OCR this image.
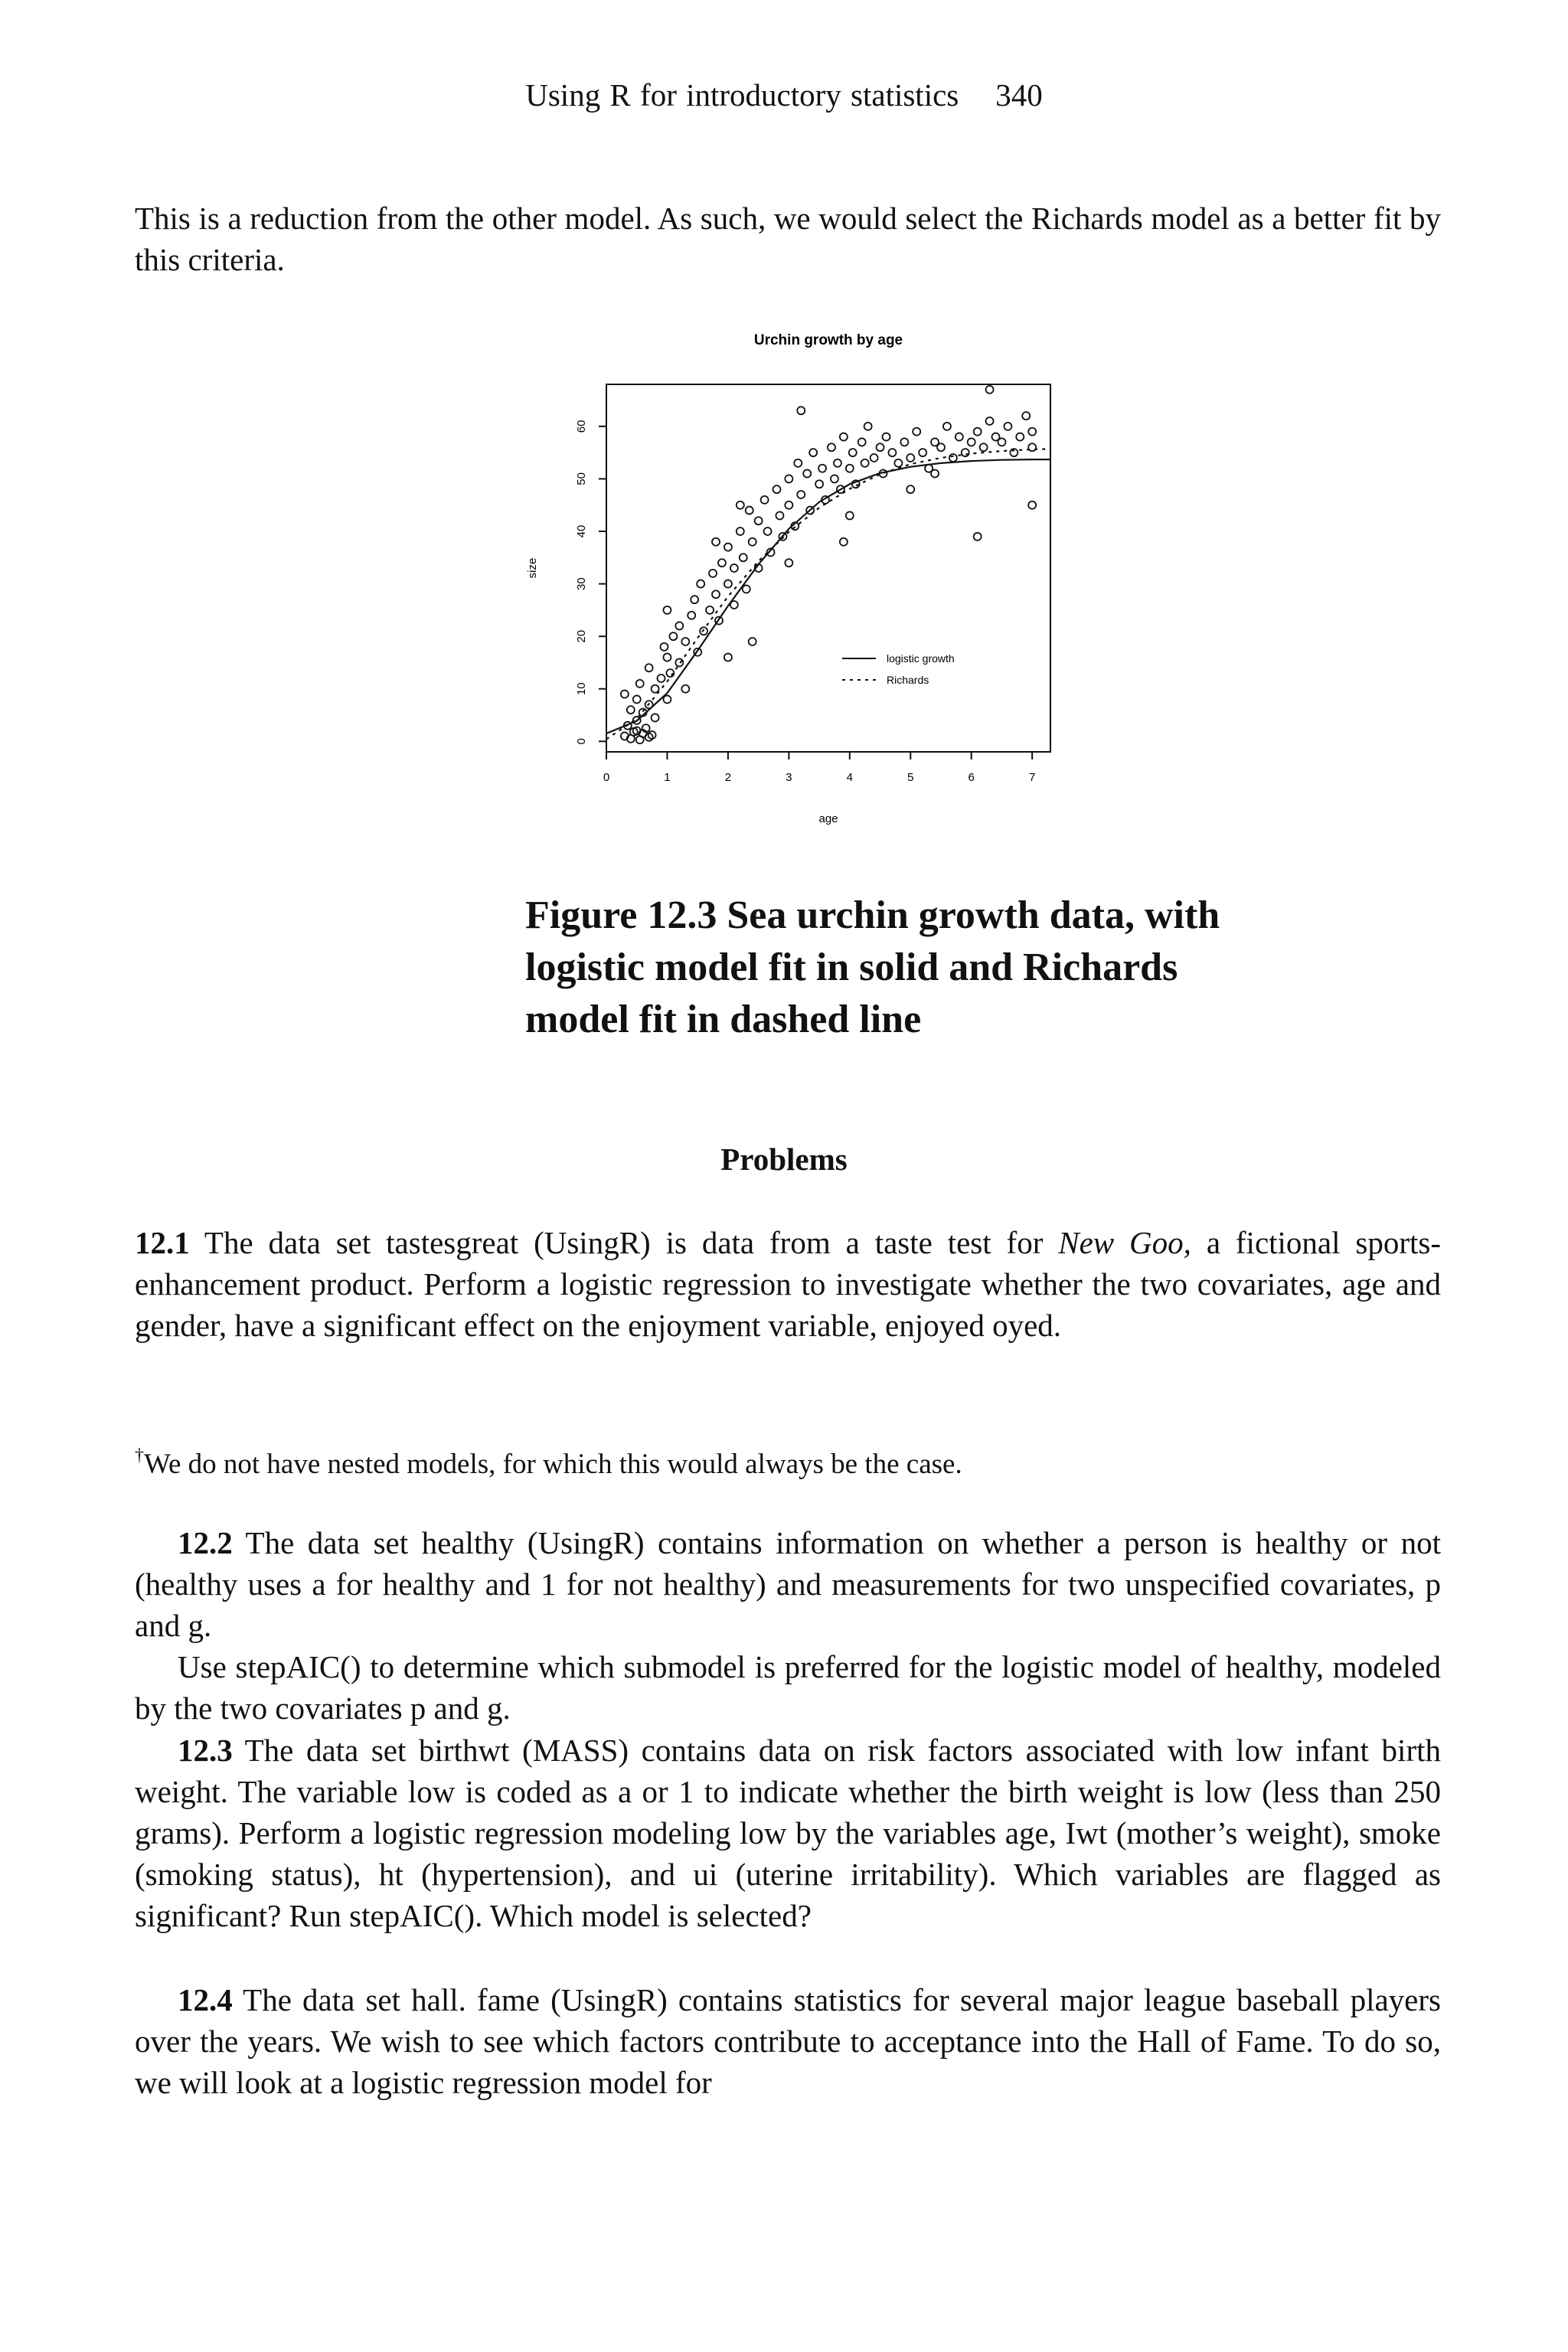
Using R for introductory statistics 340

This is a reduction from the other model. As such, we would select the Richards model as a better fit by this criteria.

Urchin growth by age
0	1	2	3	4	5	6	7
0
10
20
30
40
50
60
age
size
logistic growth
Richards
Figure 12.3 Sea urchin growth data, with logistic model fit in solid and Richards model fit in dashed line
Problems

12.1 The data set tastesgreat (UsingR) is data from a taste test for New Goo, a fictional sports-enhancement product. Perform a logistic regression to investigate whether the two covariates, age and gender, have a significant effect on the enjoyment variable, enjoyed oyed.

†We do not have nested models, for which this would always be the case.

12.2 The data set healthy (UsingR) contains information on whether a person is healthy or not (healthy uses a for healthy and 1 for not healthy) and measurements for two unspecified covariates, p and g.

Use stepAIC() to determine which submodel is preferred for the logistic model of healthy, modeled by the two covariates p and g.

12.3 The data set birthwt (MASS) contains data on risk factors associated with low infant birth weight. The variable low is coded as a or 1 to indicate whether the birth weight is low (less than 250 grams). Perform a logistic regression modeling low by the variables age, Iwt (mother’s weight), smoke (smoking status), ht (hypertension), and ui (uterine irritability). Which variables are flagged as significant? Run stepAIC(). Which model is selected?

12.4 The data set hall. fame (UsingR) contains statistics for several major league baseball players over the years. We wish to see which factors contribute to acceptance into the Hall of Fame. To do so, we will look at a logistic regression model for
